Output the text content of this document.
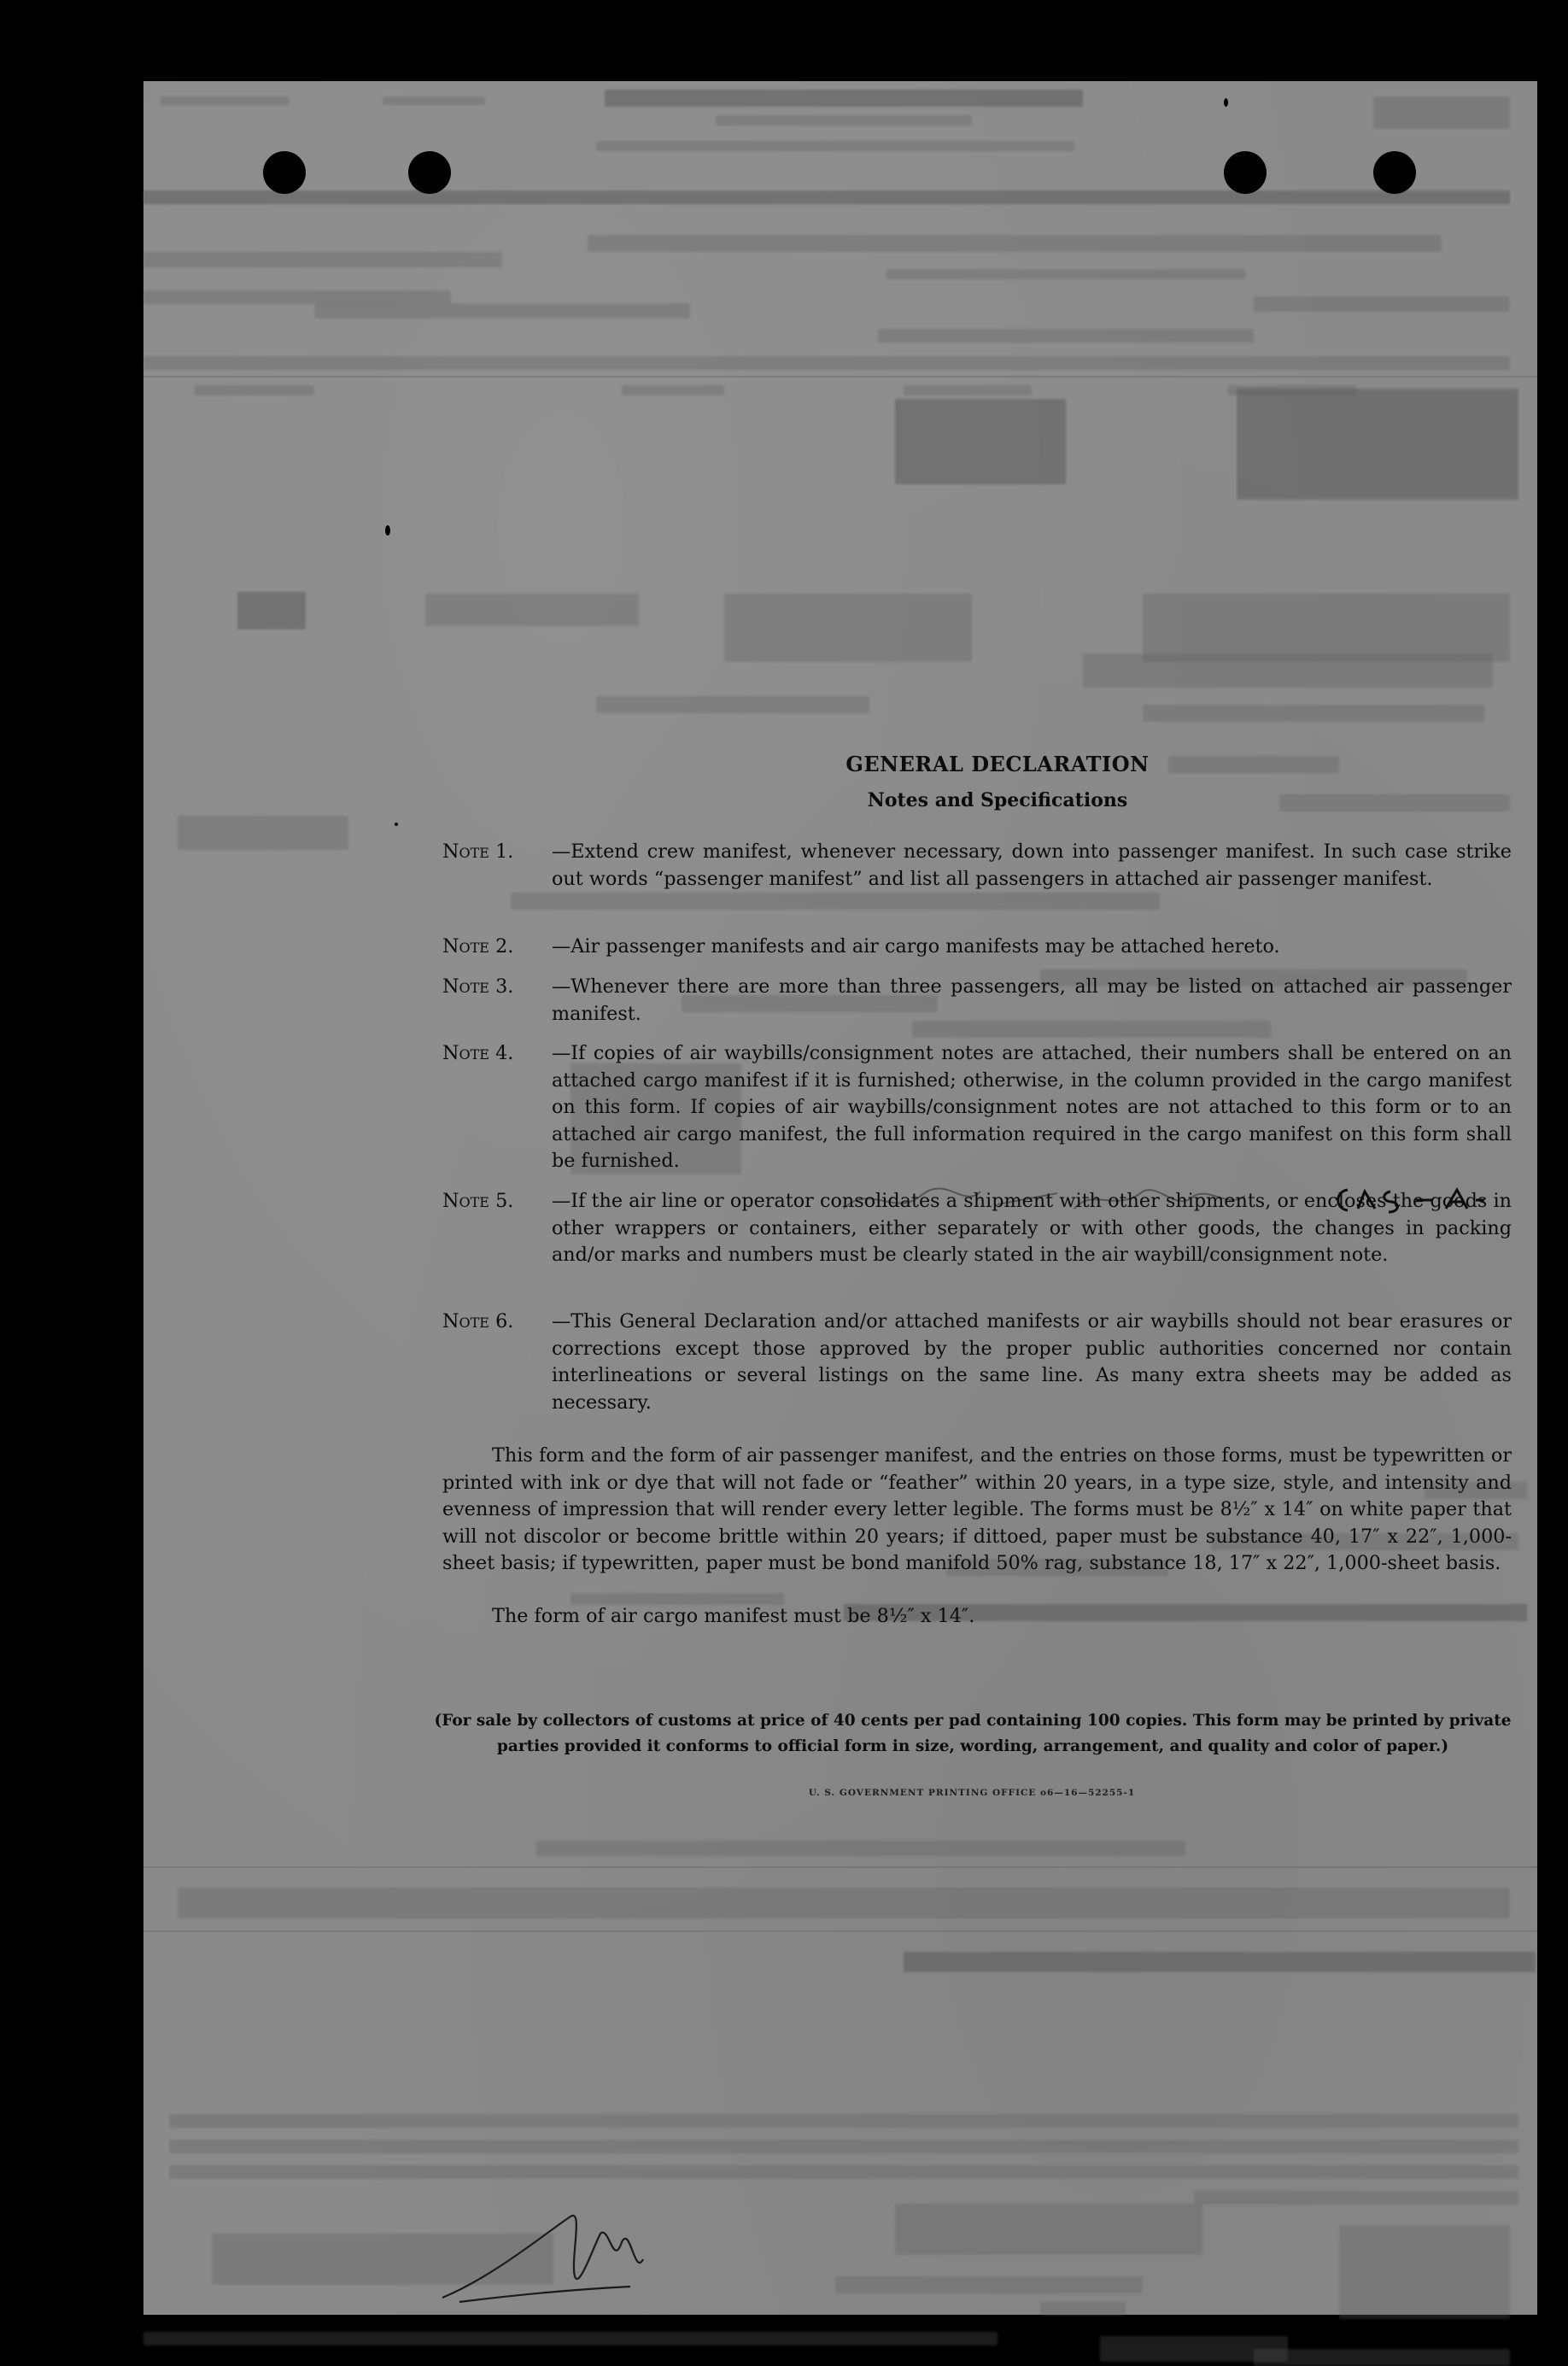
GENERAL DECLARATION
Notes and Specifications
Note 1. —Extend crew manifest, whenever necessary, down into passenger manifest. In such case strike out words “passenger manifest” and list all passengers in attached air passenger manifest.
Note 2. —Air passenger manifests and air cargo manifests may be attached hereto.
Note 3. —Whenever there are more than three passengers, all may be listed on attached air passenger manifest.
Note 4. —If copies of air waybills/consignment notes are attached, their numbers shall be entered on an attached cargo manifest if it is furnished; otherwise, in the column provided in the cargo manifest on this form. If copies of air waybills/consignment notes are not attached to this form or to an attached air cargo manifest, the full information required in the cargo manifest on this form shall be furnished.
Note 5. —If the air line or operator consolidates a shipment with other shipments, or encloses the goods in other wrappers or containers, either separately or with other goods, the changes in packing and/or marks and numbers must be clearly stated in the air waybill/consignment note.
Note 6. —This General Declaration and/or attached manifests or air waybills should not bear erasures or corrections except those approved by the proper public authorities concerned nor contain interlineations or several listings on the same line. As many extra sheets may be added as necessary.
This form and the form of air passenger manifest, and the entries on those forms, must be typewritten or printed with ink or dye that will not fade or “feather” within 20 years, in a type size, style, and intensity and evenness of impression that will render every letter legible. The forms must be 8½″ x 14″ on white paper that will not discolor or become brittle within 20 years; if dittoed, paper must be substance 40, 17″ x 22″, 1,000-sheet basis; if typewritten, paper must be bond manifold 50% rag, substance 18, 17″ x 22″, 1,000-sheet basis.
The form of air cargo manifest must be 8½″ x 14″.
(For sale by collectors of customs at price of 40 cents per pad containing 100 copies. This form may be printed by private parties provided it conforms to official form in size, wording, arrangement, and quality and color of paper.)
U. S. GOVERNMENT PRINTING OFFICE o6—16—52255-1
